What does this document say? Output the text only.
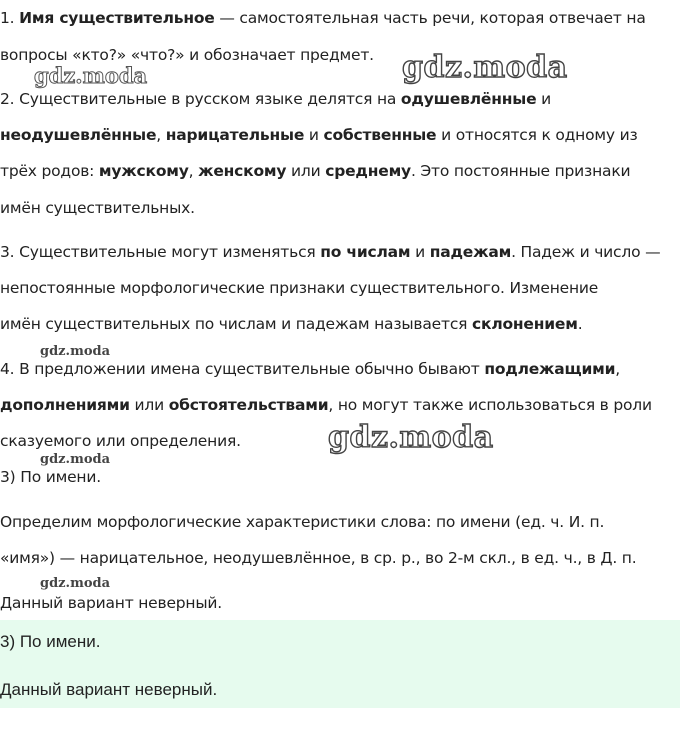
1. Имя существительное — самостоятельная часть речи, которая отвечает на
вопросы «кто?» «что?» и обозначает предмет.
gdz.moda	gdz.moda
2. Существительные в русском языке делятся на одушевлённые и
неодушевлённые, нарицательные и собственные и относятся к одному из
трёх родов: мужскому, женскому или среднему. Это постоянные признаки
имён существительных.
3. Существительные могут изменяться по числам и падежам. Падеж и число —
непостоянные морфологические признаки существительного. Изменение
имён существительных по числам и падежам называется склонением.
gdz.moda
4. В предложении имена существительные обычно бывают подлежащими,
дополнениями или обстоятельствами, но могут также использоваться в роли
сказуемого или определения.	gdz.moda
gdz.moda
3) По имени.
Определим морфологические характеристики слова: по имени (ед. ч. И. п.
«имя») — нарицательное, неодушевлённое, в ср. р., во 2-м скл., в ед. ч., в Д. п.
gdz.moda
Данный вариант неверный.
3) По имени.
Данный вариант неверный.
